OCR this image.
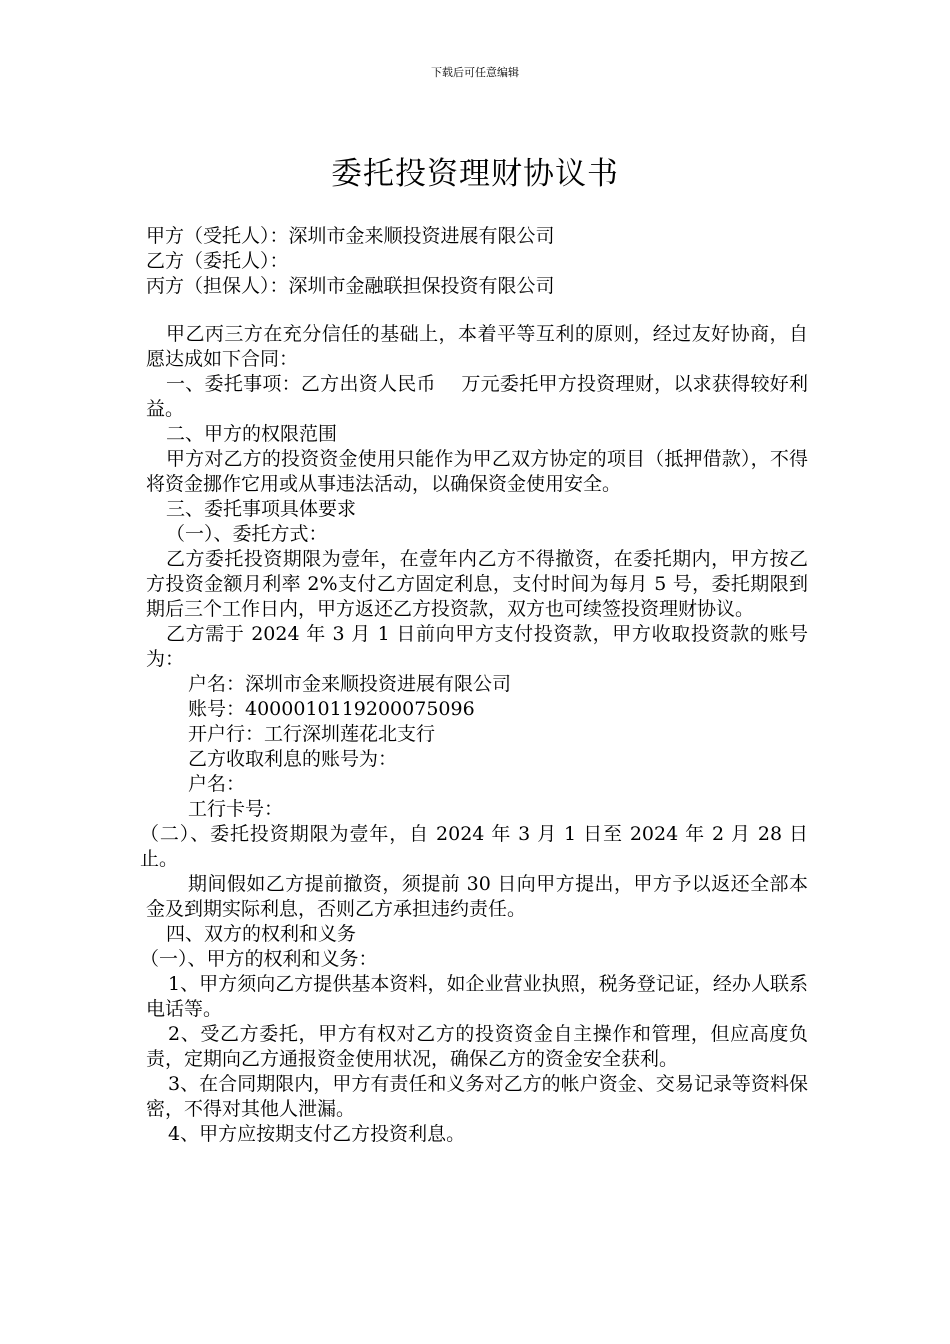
下载后可任意编辑
委托投资理财协议书
甲方（受托人）：深圳市金来顺投资进展有限公司
乙方（委托人）：
丙方（担保人）：深圳市金融联担保投资有限公司

甲乙丙三方在充分信任的基础上，本着平等互利的原则，经过友好协商，自愿达成如下合同：

一、委托事项：乙方出资人民币　 万元委托甲方投资理财，以求获得较好利益。

二、甲方的权限范围

甲方对乙方的投资资金使用只能作为甲乙双方协定的项目（抵押借款），不得将资金挪作它用或从事违法活动，以确保资金使用安全。

三、委托事项具体要求

（一）、委托方式：

乙方委托投资期限为壹年，在壹年内乙方不得撤资，在委托期内，甲方按乙方投资金额月利率 2%支付乙方固定利息，支付时间为每月 5 号，委托期限到期后三个工作日内，甲方返还乙方投资款，双方也可续签投资理财协议。

乙方需于 2024 年 3 月 1 日前向甲方支付投资款，甲方收取投资款的账号为：

户名：深圳市金来顺投资进展有限公司

账号：4000010119200075096

开户行：工行深圳莲花北支行

乙方收取利息的账号为：

户名：

工行卡号：

（二）、委托投资期限为壹年，自 2024 年 3 月 1 日至 2024 年 2 月 28 日止。

期间假如乙方提前撤资，须提前 30 日向甲方提出，甲方予以返还全部本金及到期实际利息，否则乙方承担违约责任。

四、双方的权利和义务

（一）、甲方的权利和义务：

1、甲方须向乙方提供基本资料，如企业营业执照，税务登记证，经办人联系电话等。

2、受乙方委托，甲方有权对乙方的投资资金自主操作和管理，但应高度负责，定期向乙方通报资金使用状况，确保乙方的资金安全获利。

3、在合同期限内，甲方有责任和义务对乙方的帐户资金、交易记录等资料保密，不得对其他人泄漏。

4、甲方应按期支付乙方投资利息。
